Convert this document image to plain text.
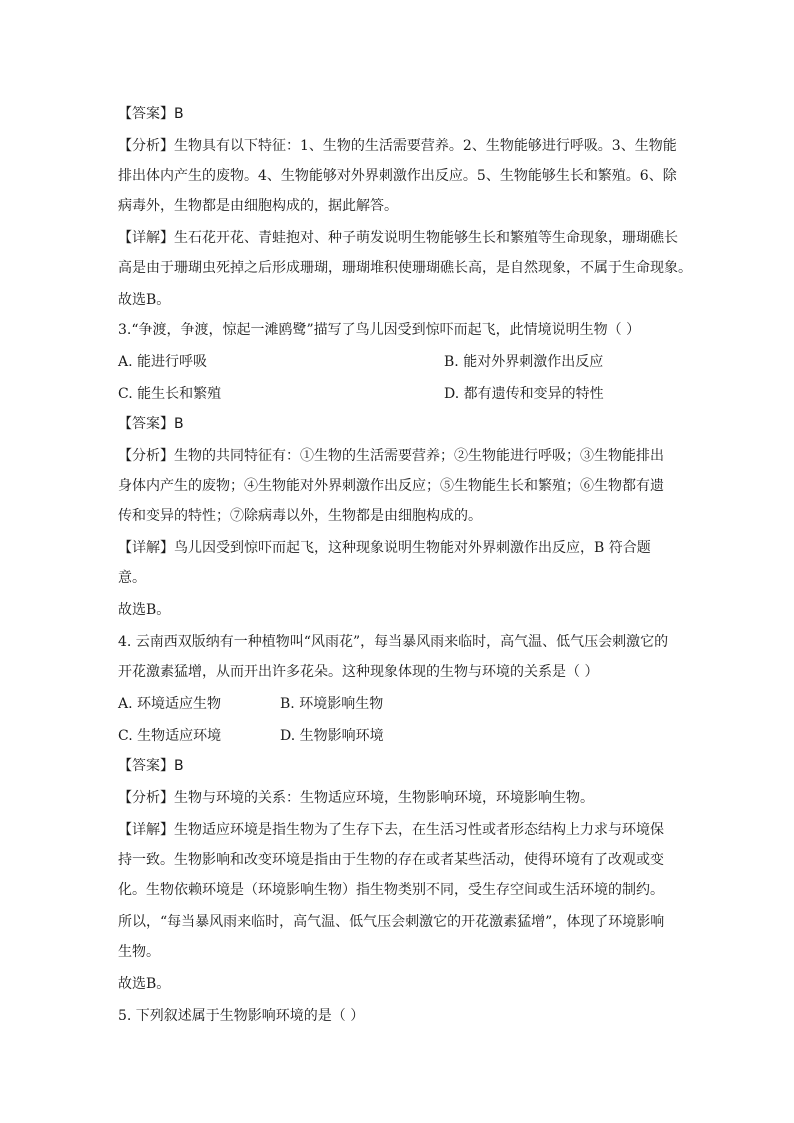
【答案】B
【分析】生物具有以下特征：1、生物的生活需要营养。2、生物能够进行呼吸。3、生物能
排出体内产生的废物。4、生物能够对外界刺激作出反应。5、生物能够生长和繁殖。6、除
病毒外，生物都是由细胞构成的，据此解答。
【详解】生石花开花、青蛙抱对、种子萌发说明生物能够生长和繁殖等生命现象，珊瑚礁长
高是由于珊瑚虫死掉之后形成珊瑚，珊瑚堆积使珊瑚礁长高，是自然现象，不属于生命现象。
故选B。
3.“争渡，争渡，惊起一滩鸥鹭”描写了鸟儿因受到惊吓而起飞，此情境说明生物（ ）
A. 能进行呼吸	B. 能对外界刺激作出反应
C. 能生长和繁殖	D. 都有遗传和变异的特性
【答案】B
【分析】生物的共同特征有：①生物的生活需要营养；②生物能进行呼吸；③生物能排出
身体内产生的废物；④生物能对外界刺激作出反应；⑤生物能生长和繁殖；⑥生物都有遗
传和变异的特性；⑦除病毒以外，生物都是由细胞构成的。
【详解】鸟儿因受到惊吓而起飞，这种现象说明生物能对外界刺激作出反应，B 符合题
意。
故选B。
4. 云南西双版纳有一种植物叫“风雨花”，每当暴风雨来临时，高气温、低气压会刺激它的
开花激素猛增，从而开出许多花朵。这种现象体现的生物与环境的关系是（ ）
A. 环境适应生物	B. 环境影响生物
C. 生物适应环境	D. 生物影响环境
【答案】B
【分析】生物与环境的关系：生物适应环境，生物影响环境，环境影响生物。
【详解】生物适应环境是指生物为了生存下去，在生活习性或者形态结构上力求与环境保
持一致。生物影响和改变环境是指由于生物的存在或者某些活动，使得环境有了改观或变
化。生物依赖环境是（环境影响生物）指生物类别不同，受生存空间或生活环境的制约。
所以，“每当暴风雨来临时，高气温、低气压会刺激它的开花激素猛增”，体现了环境影响
生物。
故选B。
5. 下列叙述属于生物影响环境的是（ ）
